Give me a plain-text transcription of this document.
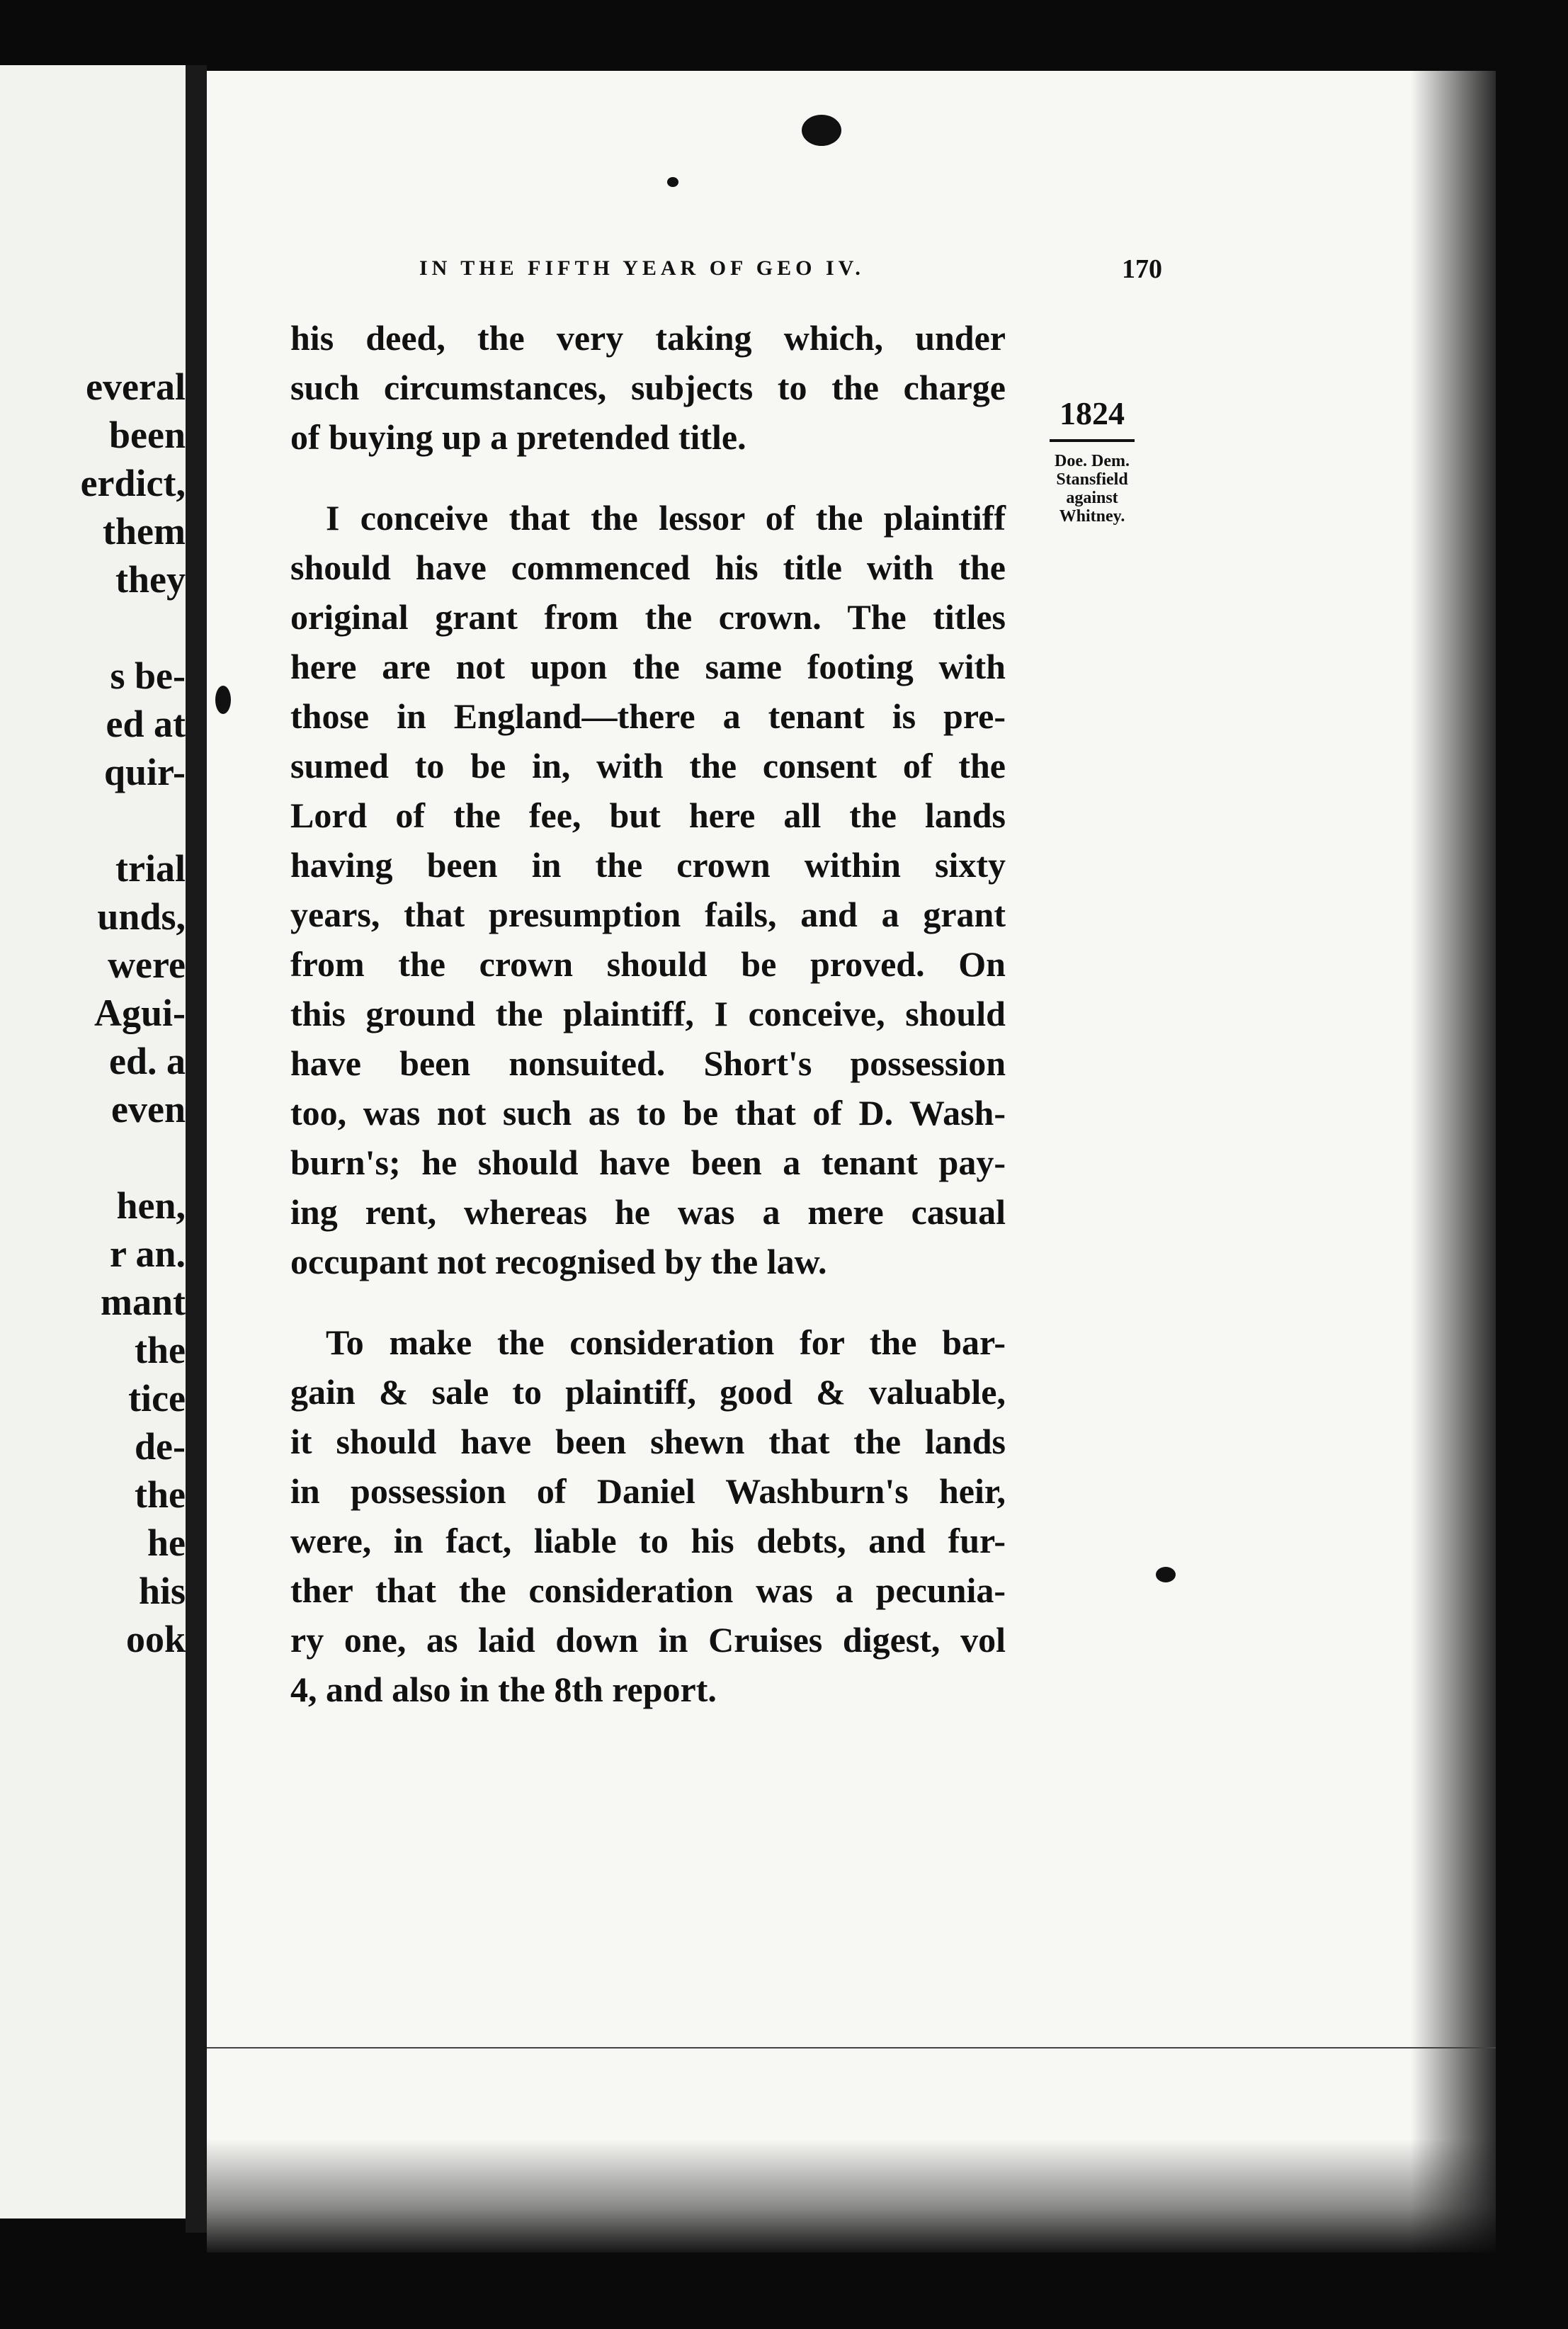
everal
been
erdict,
them
they
s be-
ed at
quir-
trial
unds,
were
Agui-
ed. a
even
hen,
r an.
mant
the
tice
de-
the
he
his
ook
IN THE FIFTH YEAR OF GEO IV.	170
his deed, the very taking which, under
such circumstances, subjects to the charge
of buying up a pretended title.
I conceive that the lessor of the plaintiff
should have commenced his title with the
original grant from the crown. The titles
here are not upon the same footing with
those in England—there a tenant is pre-
sumed to be in, with the consent of the
Lord of the fee, but here all the lands
having been in the crown within sixty
years, that presumption fails, and a grant
from the crown should be proved. On
this ground the plaintiff, I conceive, should
have been nonsuited. Short's possession
too, was not such as to be that of D. Wash-
burn's; he should have been a tenant pay-
ing rent, whereas he was a mere casual
occupant not recognised by the law.
To make the consideration for the bar-
gain & sale to plaintiff, good & valuable,
it should have been shewn that the lands
in possession of Daniel Washburn's heir,
were, in fact, liable to his debts, and fur-
ther that the consideration was a pecunia-
ry one, as laid down in Cruises digest, vol
4, and also in the 8th report.
1824
Doe. Dem.
Stansfield
against
Whitney.
